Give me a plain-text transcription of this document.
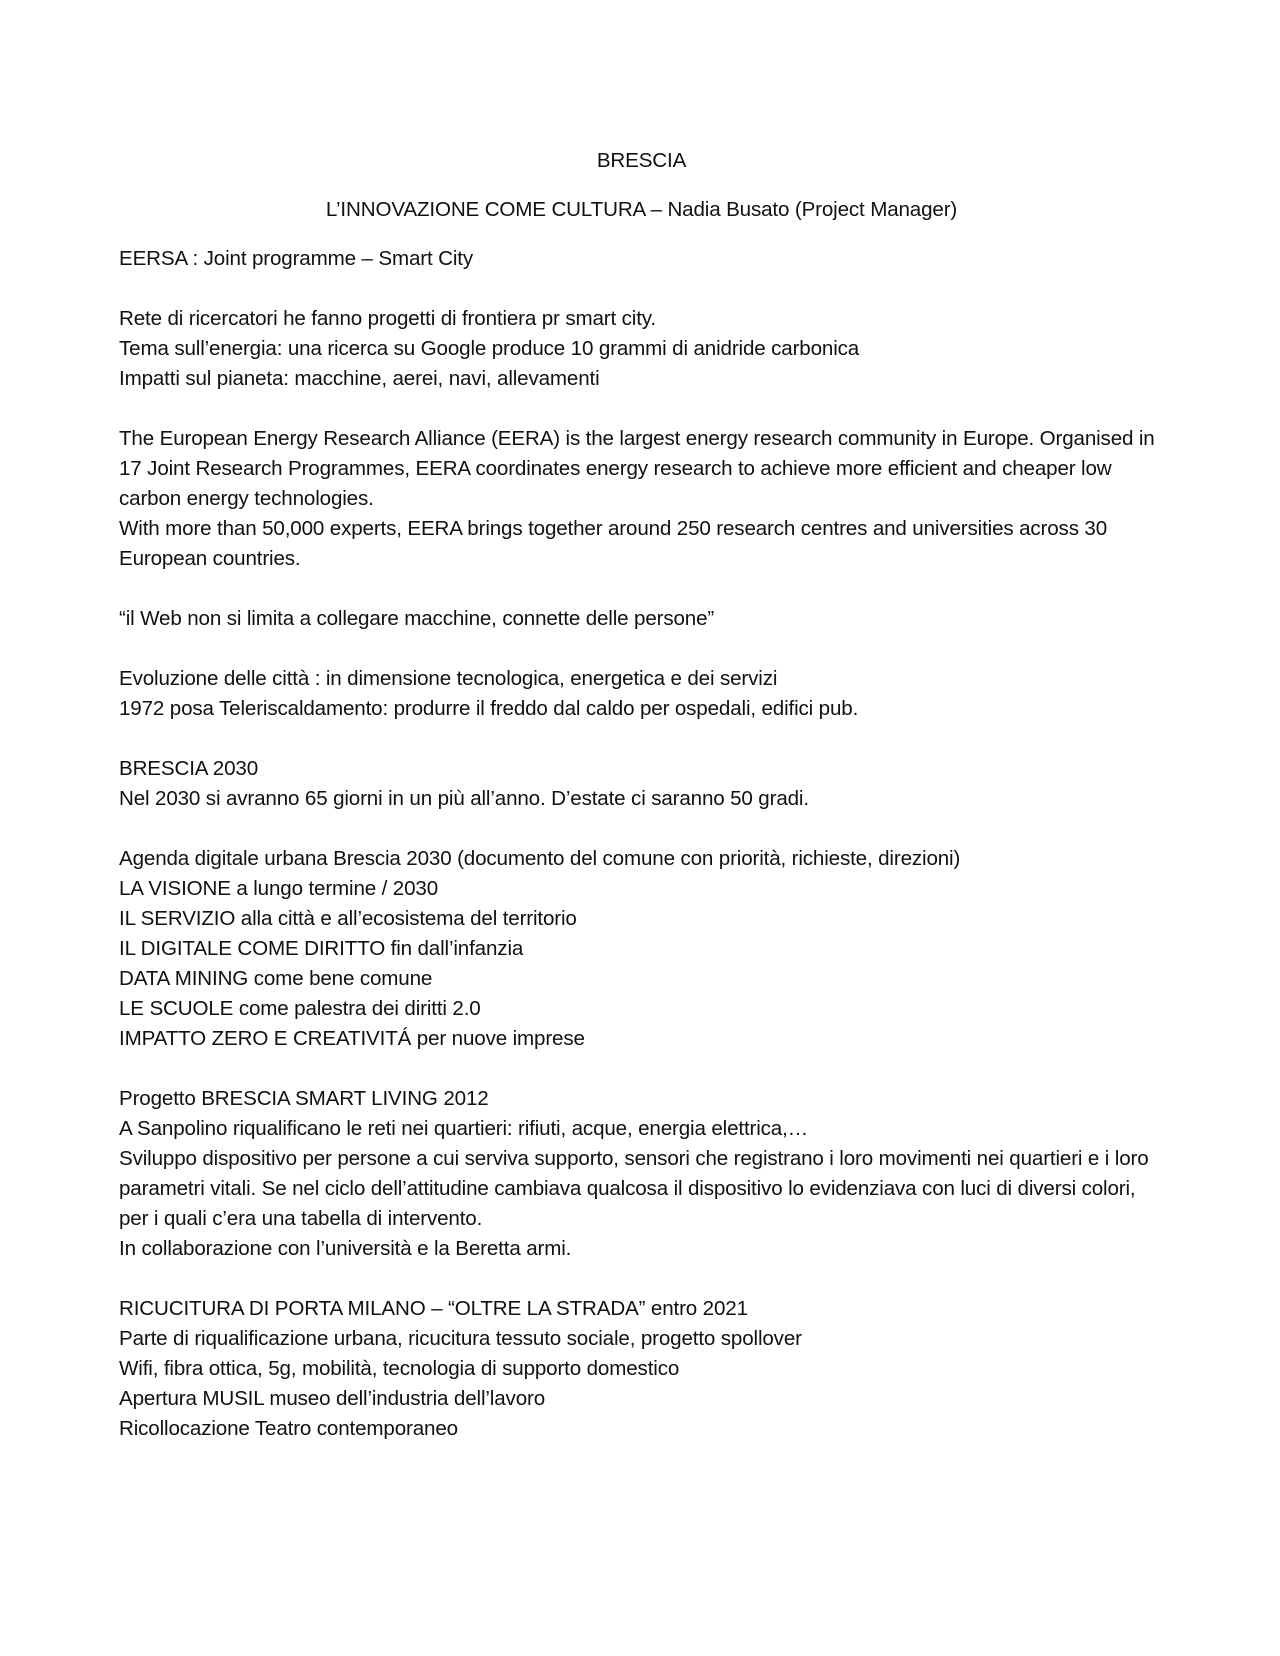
BRESCIA
L’INNOVAZIONE COME CULTURA – Nadia Busato (Project Manager)
EERSA : Joint programme – Smart City
Rete di ricercatori he fanno progetti di frontiera pr smart city.
Tema sull’energia: una ricerca su Google produce 10 grammi di anidride carbonica
Impatti sul pianeta: macchine, aerei, navi, allevamenti
The European Energy Research Alliance (EERA) is the largest energy research community in Europe. Organised in 17 Joint Research Programmes, EERA coordinates energy research to achieve more efficient and cheaper low carbon energy technologies.
With more than 50,000 experts, EERA brings together around 250 research centres and universities across 30 European countries.
“il Web non si limita a collegare macchine, connette delle persone”
Evoluzione delle città : in dimensione tecnologica, energetica e dei servizi
1972 posa Teleriscaldamento: produrre il freddo dal caldo per ospedali, edifici pub.
BRESCIA 2030
Nel 2030 si avranno 65 giorni in un più all’anno. D’estate ci saranno 50 gradi.
Agenda digitale urbana Brescia 2030 (documento del comune con priorità, richieste, direzioni)
LA VISIONE a lungo termine / 2030
IL SERVIZIO alla città e all’ecosistema del territorio
IL DIGITALE COME DIRITTO fin dall’infanzia
DATA MINING come bene comune
LE SCUOLE come palestra dei diritti 2.0
IMPATTO ZERO E CREATIVITÁ per nuove imprese
Progetto BRESCIA SMART LIVING 2012
A Sanpolino riqualificano le reti nei quartieri: rifiuti, acque, energia elettrica,…
Sviluppo dispositivo per persone a cui serviva supporto, sensori che registrano i loro movimenti nei quartieri e i loro parametri vitali. Se nel ciclo dell’attitudine cambiava qualcosa il dispositivo lo evidenziava con luci di diversi colori, per i quali c’era una tabella di intervento.
In collaborazione con l’università e la Beretta armi.
RICUCITURA DI PORTA MILANO – “OLTRE LA STRADA” entro 2021
Parte di riqualificazione urbana, ricucitura tessuto sociale, progetto spollover
Wifi, fibra ottica, 5g, mobilità, tecnologia di supporto domestico
Apertura MUSIL museo dell’industria dell’lavoro
Ricollocazione Teatro contemporaneo
